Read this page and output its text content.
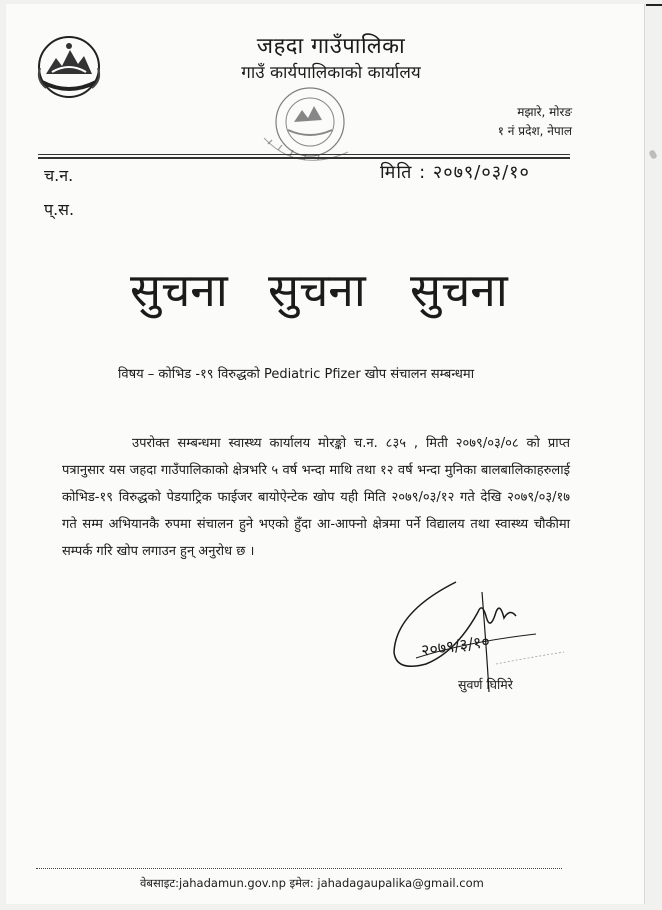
जहदा गाउँपालिका
गाउँ कार्यपालिकाको कार्यालय
मझारे, मोरङ
१ नं प्रदेश, नेपाल
च.न.
प्.स.
मिति : २०७९/०३/१०
सुचना सुचना सुचना
विषय – कोभिड -१९ विरुद्धको Pediatric Pfizer खोप संचालन सम्बन्धमा
उपरोक्त सम्बन्धमा स्वास्थ्य कार्यालय मोरङ्को च.न. ८३५ , मिती २०७९/०३/०८ को प्राप्त पत्रानुसार यस जहदा गाउँपालिकाको क्षेत्रभरि ५ वर्ष भन्दा माथि तथा १२ वर्ष भन्दा मुनिका बालबालिकाहरुलाई कोभिड-१९ विरुद्धको पेडयाट्रिक फाईजर बायोऐन्टेक खोप यही मिति २०७९/०३/१२ गते देखि २०७९/०३/१७ गते सम्म अभियानकै रुपमा संचालन हुने भएको हुँदा आ-आफ्नो क्षेत्रमा पर्ने विद्यालय तथा स्वास्थ्य चौकीमा सम्पर्क गरि खोप लगाउन हुन् अनुरोध छ ।
२०७९/३/१०
सुवर्ण घिमिरे
वेबसाइट:jahadamun.gov.np इमेल: jahadagaupalika@gmail.com
